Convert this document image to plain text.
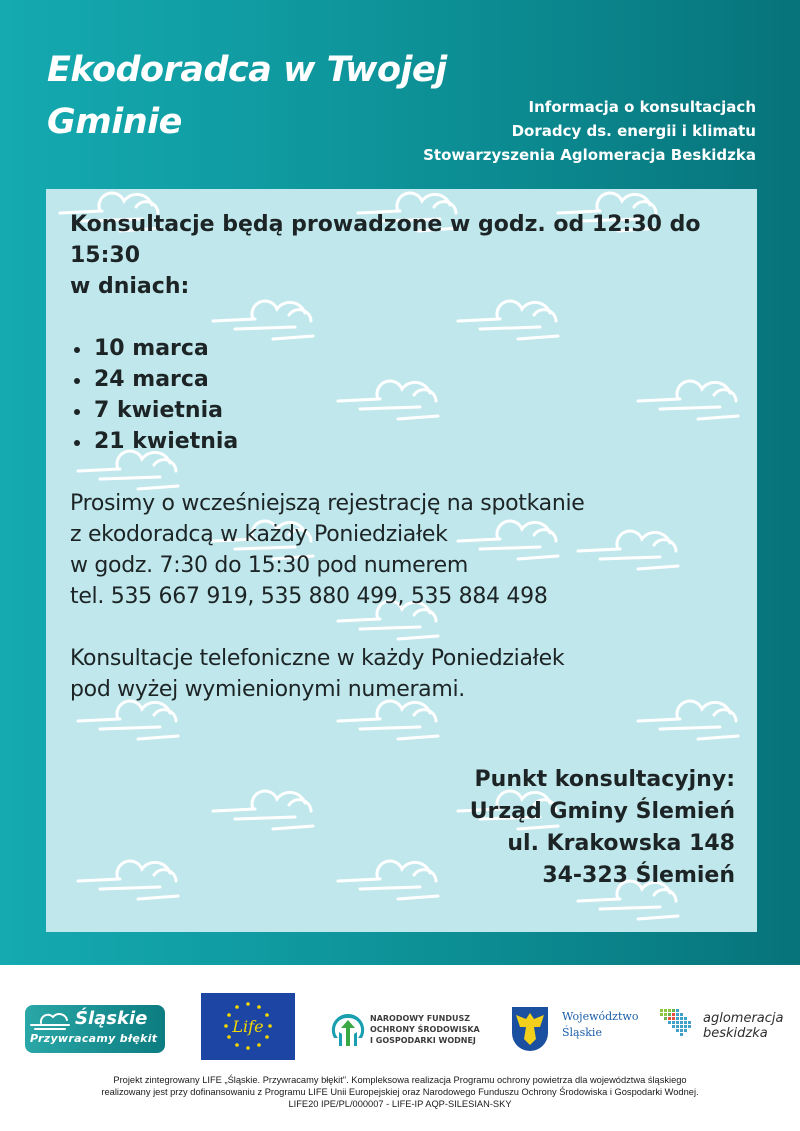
Ekodoradca w Twojej
Gminie	Informacja o konsultacjach
Doradcy ds. energii i klimatu
Stowarzyszenia Aglomeracja Beskidzka

Konsultacje będą prowadzone w godz. od 12:30 do 15:30

w dniach:

10 marca
24 marca
7 kwietnia
21 kwietnia

Prosimy o wcześniejszą rejestrację na spotkanie

z ekodoradcą w każdy Poniedziałek

w godz. 7:30 do 15:30 pod numerem

tel. 535 667 919, 535 880 499, 535 884 498

Konsultacje telefoniczne w każdy Poniedziałek

pod wyżej wymienionymi numerami.

Punkt konsultacyjny:
Urząd Gminy Ślemień
ul. Krakowska 148
34-323 Ślemień
Śląskie
Przywracamy błękit
Life	NARODOWY FUNDUSZ
OCHRONY ŚRODOWISKA
I GOSPODARKI WODNEJ
Województwo
Śląskie
aglomeracja
beskidzka
Projekt zintegrowany LIFE „Śląskie. Przywracamy błękit". Kompleksowa realizacja Programu ochrony powietrza dla województwa śląskiego
realizowany jest przy dofinansowaniu z Programu LIFE Unii Europejskiej oraz Narodowego Funduszu Ochrony Środowiska i Gospodarki Wodnej.
LIFE20 IPE/PL/000007 - LIFE-IP AQP-SILESIAN-SKY
